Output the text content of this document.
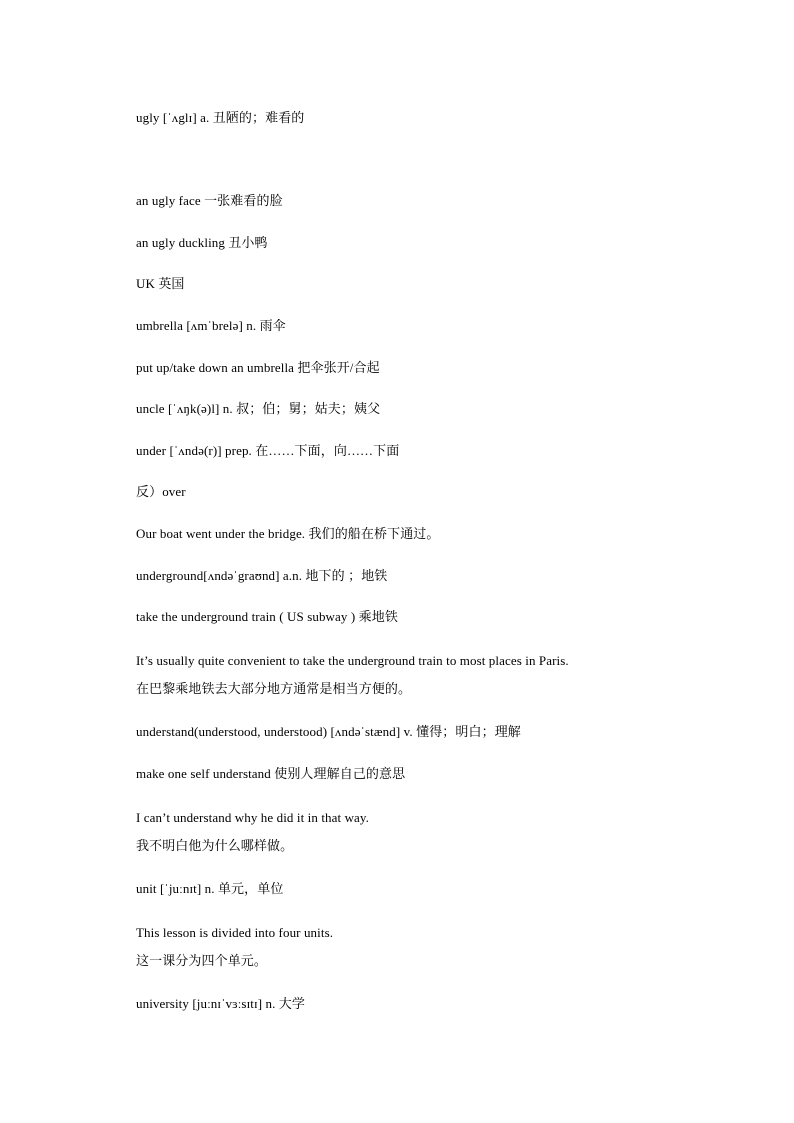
ugly [ˈʌglɪ] a. 丑陋的；难看的
an ugly face 一张难看的脸
an ugly duckling 丑小鸭
UK 英国
umbrella [ʌmˈbrelə] n. 雨伞
put up/take down an umbrella 把伞张开/合起
uncle [ˈʌŋk(ə)l] n. 叔；伯；舅；姑夫；姨父
under [ˈʌndə(r)] prep. 在……下面，向……下面
反）over
Our boat went under the bridge. 我们的船在桥下通过。
underground[ʌndəˈgraʊnd] a.n. 地下的 ；地铁
take the underground train ( US subway ) 乘地铁
It’s usually quite convenient to take the underground train to most places in Paris.
在巴黎乘地铁去大部分地方通常是相当方便的。
understand(understood, understood) [ʌndəˈstænd] v. 懂得；明白；理解
make one self understand 使别人理解自己的意思
I can’t understand why he did it in that way.
我不明白他为什么哪样做。
unit [ˈjuːnɪt] n. 单元，单位
This lesson is divided into four units.
这一课分为四个单元。
university [juːnɪˈvɜːsɪtɪ] n. 大学
